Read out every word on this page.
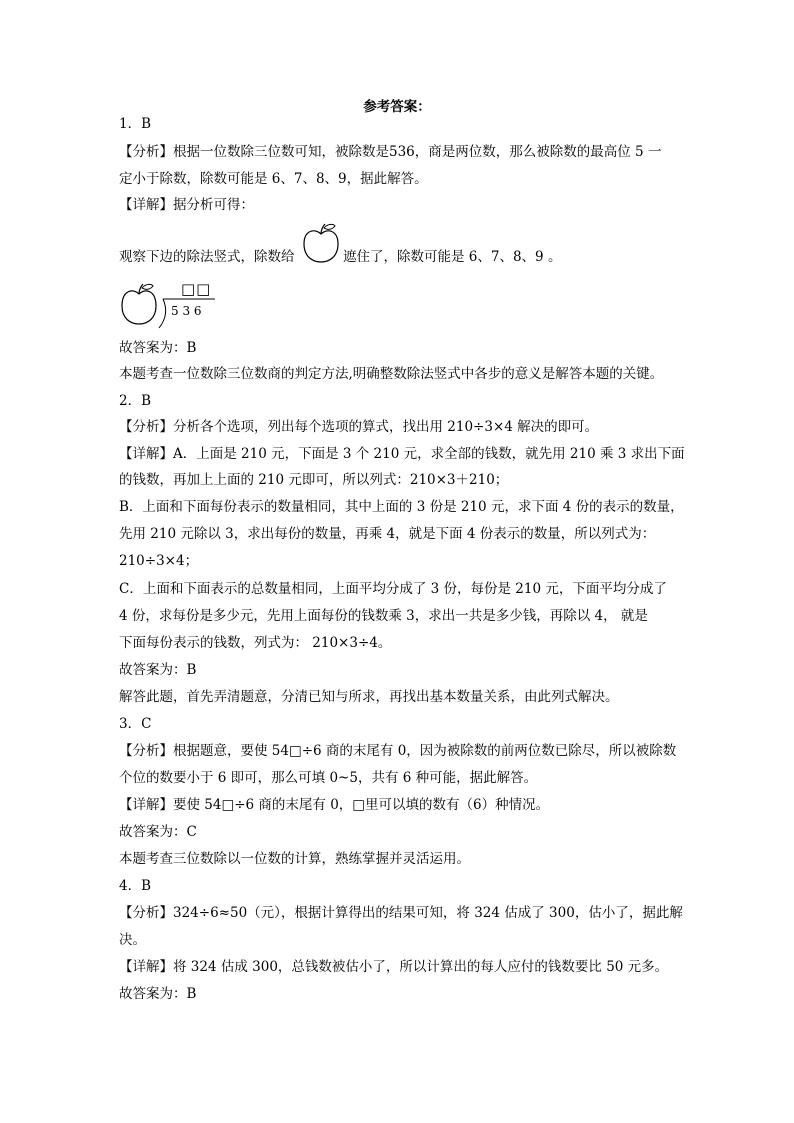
参考答案：
1．B
【分析】根据一位数除三位数可知，被除数是536，商是两位数，那么被除数的最高位 5 一
定小于除数，除数可能是 6、7、8、9，据此解答。
【详解】据分析可得：
观察下边的除法竖式，除数给	遮住了，除数可能是 6、7、8、9 。
□□
5 3 6
故答案为：B
本题考查一位数除三位数商的判定方法,明确整数除法竖式中各步的意义是解答本题的关键。
2．B
【分析】分析各个选项，列出每个选项的算式，找出用 210÷3×4 解决的即可。
【详解】A．上面是 210 元，下面是 3 个 210 元，求全部的钱数，就先用 210 乘 3 求出下面
的钱数，再加上上面的 210 元即可，所以列式：210×3＋210；
B．上面和下面每份表示的数量相同，其中上面的 3 份是 210 元，求下面 4 份的表示的数量，
先用 210 元除以 3，求出每份的数量，再乘 4，就是下面 4 份表示的数量，所以列式为：
210÷3×4；
C．上面和下面表示的总数量相同，上面平均分成了 3 份，每份是 210 元，下面平均分成了
4 份，求每份是多少元，先用上面每份的钱数乘 3，求出一共是多少钱，再除以 4， 就是
下面每份表示的钱数，列式为： 210×3÷4。
故答案为：B
解答此题，首先弄清题意，分清已知与所求，再找出基本数量关系，由此列式解决。
3．C
【分析】根据题意，要使 54□÷6 商的末尾有 0，因为被除数的前两位数已除尽，所以被除数
个位的数要小于 6 即可，那么可填 0~5，共有 6 种可能，据此解答。
【详解】要使 54□÷6 商的末尾有 0，□里可以填的数有（6）种情况。
故答案为：C
本题考查三位数除以一位数的计算，熟练掌握并灵活运用。
4．B
【分析】324÷6≈50（元），根据计算得出的结果可知，将 324 估成了 300，估小了，据此解
决。
【详解】将 324 估成 300，总钱数被估小了，所以计算出的每人应付的钱数要比 50 元多。
故答案为：B
